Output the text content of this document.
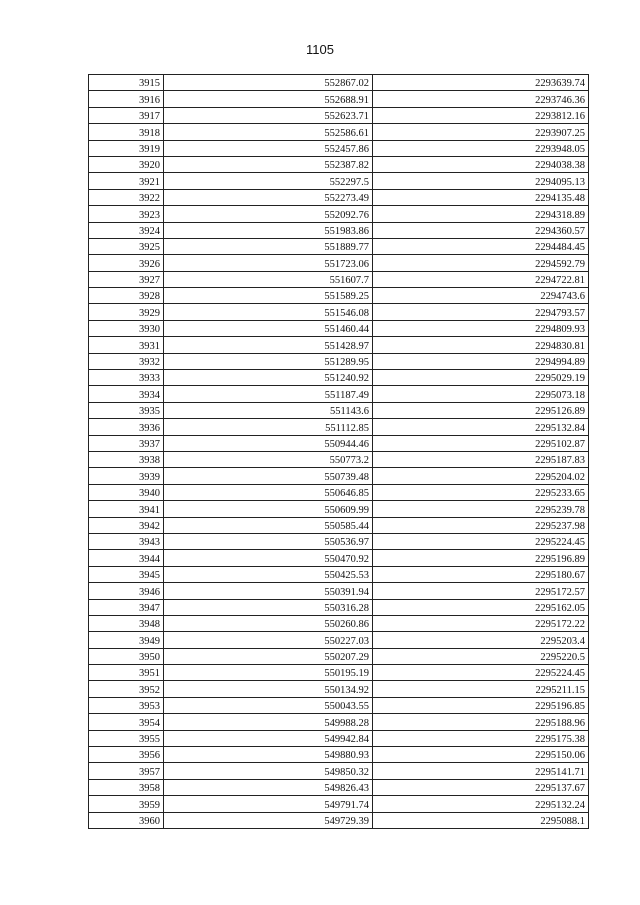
1105
3915	552867.02	2293639.74
3916	552688.91	2293746.36
3917	552623.71	2293812.16
3918	552586.61	2293907.25
3919	552457.86	2293948.05
3920	552387.82	2294038.38
3921	552297.5	2294095.13
3922	552273.49	2294135.48
3923	552092.76	2294318.89
3924	551983.86	2294360.57
3925	551889.77	2294484.45
3926	551723.06	2294592.79
3927	551607.7	2294722.81
3928	551589.25	2294743.6
3929	551546.08	2294793.57
3930	551460.44	2294809.93
3931	551428.97	2294830.81
3932	551289.95	2294994.89
3933	551240.92	2295029.19
3934	551187.49	2295073.18
3935	551143.6	2295126.89
3936	551112.85	2295132.84
3937	550944.46	2295102.87
3938	550773.2	2295187.83
3939	550739.48	2295204.02
3940	550646.85	2295233.65
3941	550609.99	2295239.78
3942	550585.44	2295237.98
3943	550536.97	2295224.45
3944	550470.92	2295196.89
3945	550425.53	2295180.67
3946	550391.94	2295172.57
3947	550316.28	2295162.05
3948	550260.86	2295172.22
3949	550227.03	2295203.4
3950	550207.29	2295220.5
3951	550195.19	2295224.45
3952	550134.92	2295211.15
3953	550043.55	2295196.85
3954	549988.28	2295188.96
3955	549942.84	2295175.38
3956	549880.93	2295150.06
3957	549850.32	2295141.71
3958	549826.43	2295137.67
3959	549791.74	2295132.24
3960	549729.39	2295088.1
